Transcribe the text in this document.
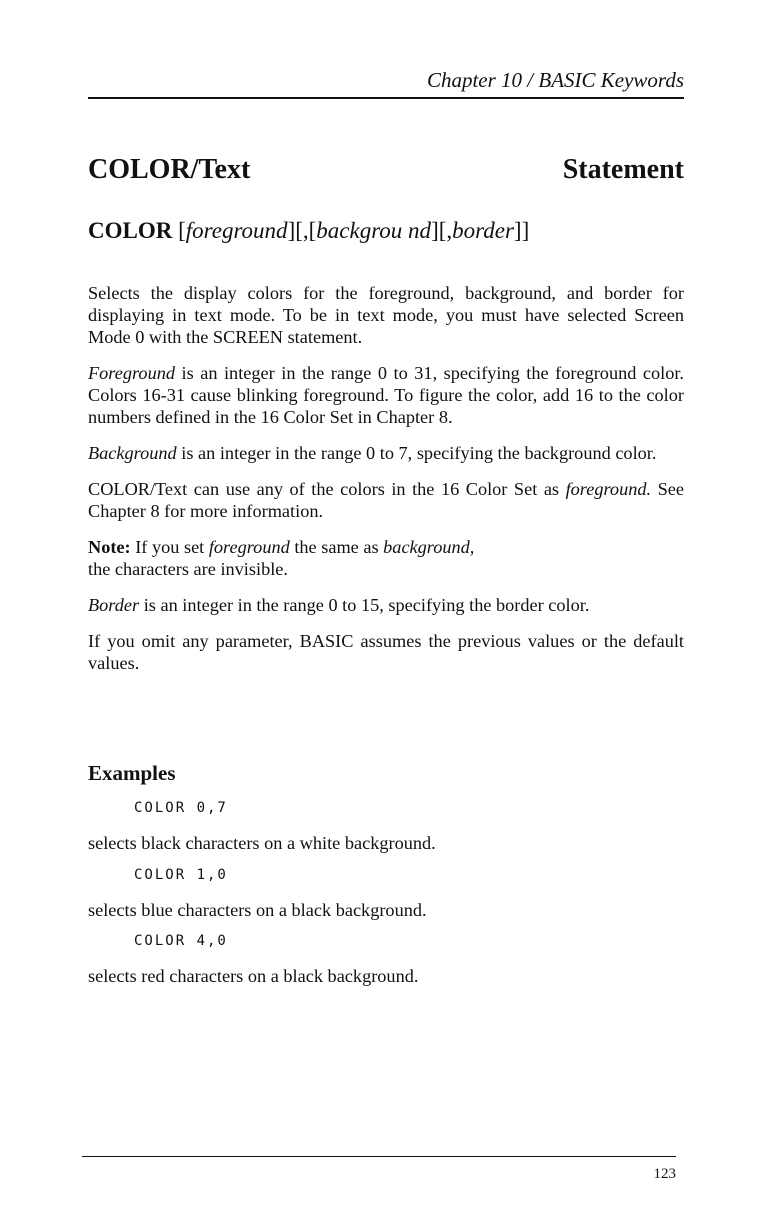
Chapter 10 / BASIC Keywords
COLOR/Text	Statement
COLOR [foreground][,[backgrou nd][,border]]

Selects the display colors for the foreground, background, and border for displaying in text mode. To be in text mode, you must have selected Screen Mode 0 with the SCREEN statement.

Foreground is an integer in the range 0 to 31, specifying the foreground color. Colors 16-31 cause blinking foreground. To figure the color, add 16 to the color numbers defined in the 16 Color Set in Chapter 8.

Background is an integer in the range 0 to 7, specifying the background color.

COLOR/Text can use any of the colors in the 16 Color Set as foreground. See Chapter 8 for more information.

Note: If you set foreground the same as background,
the characters are invisible.

Border is an integer in the range 0 to 15, specifying the border color.

If you omit any parameter, BASIC assumes the previous values or the default values.

Examples
COLOR 0,7
selects black characters on a white background.
COLOR 1,0
selects blue characters on a black background.
COLOR 4,0
selects red characters on a black background.
123
